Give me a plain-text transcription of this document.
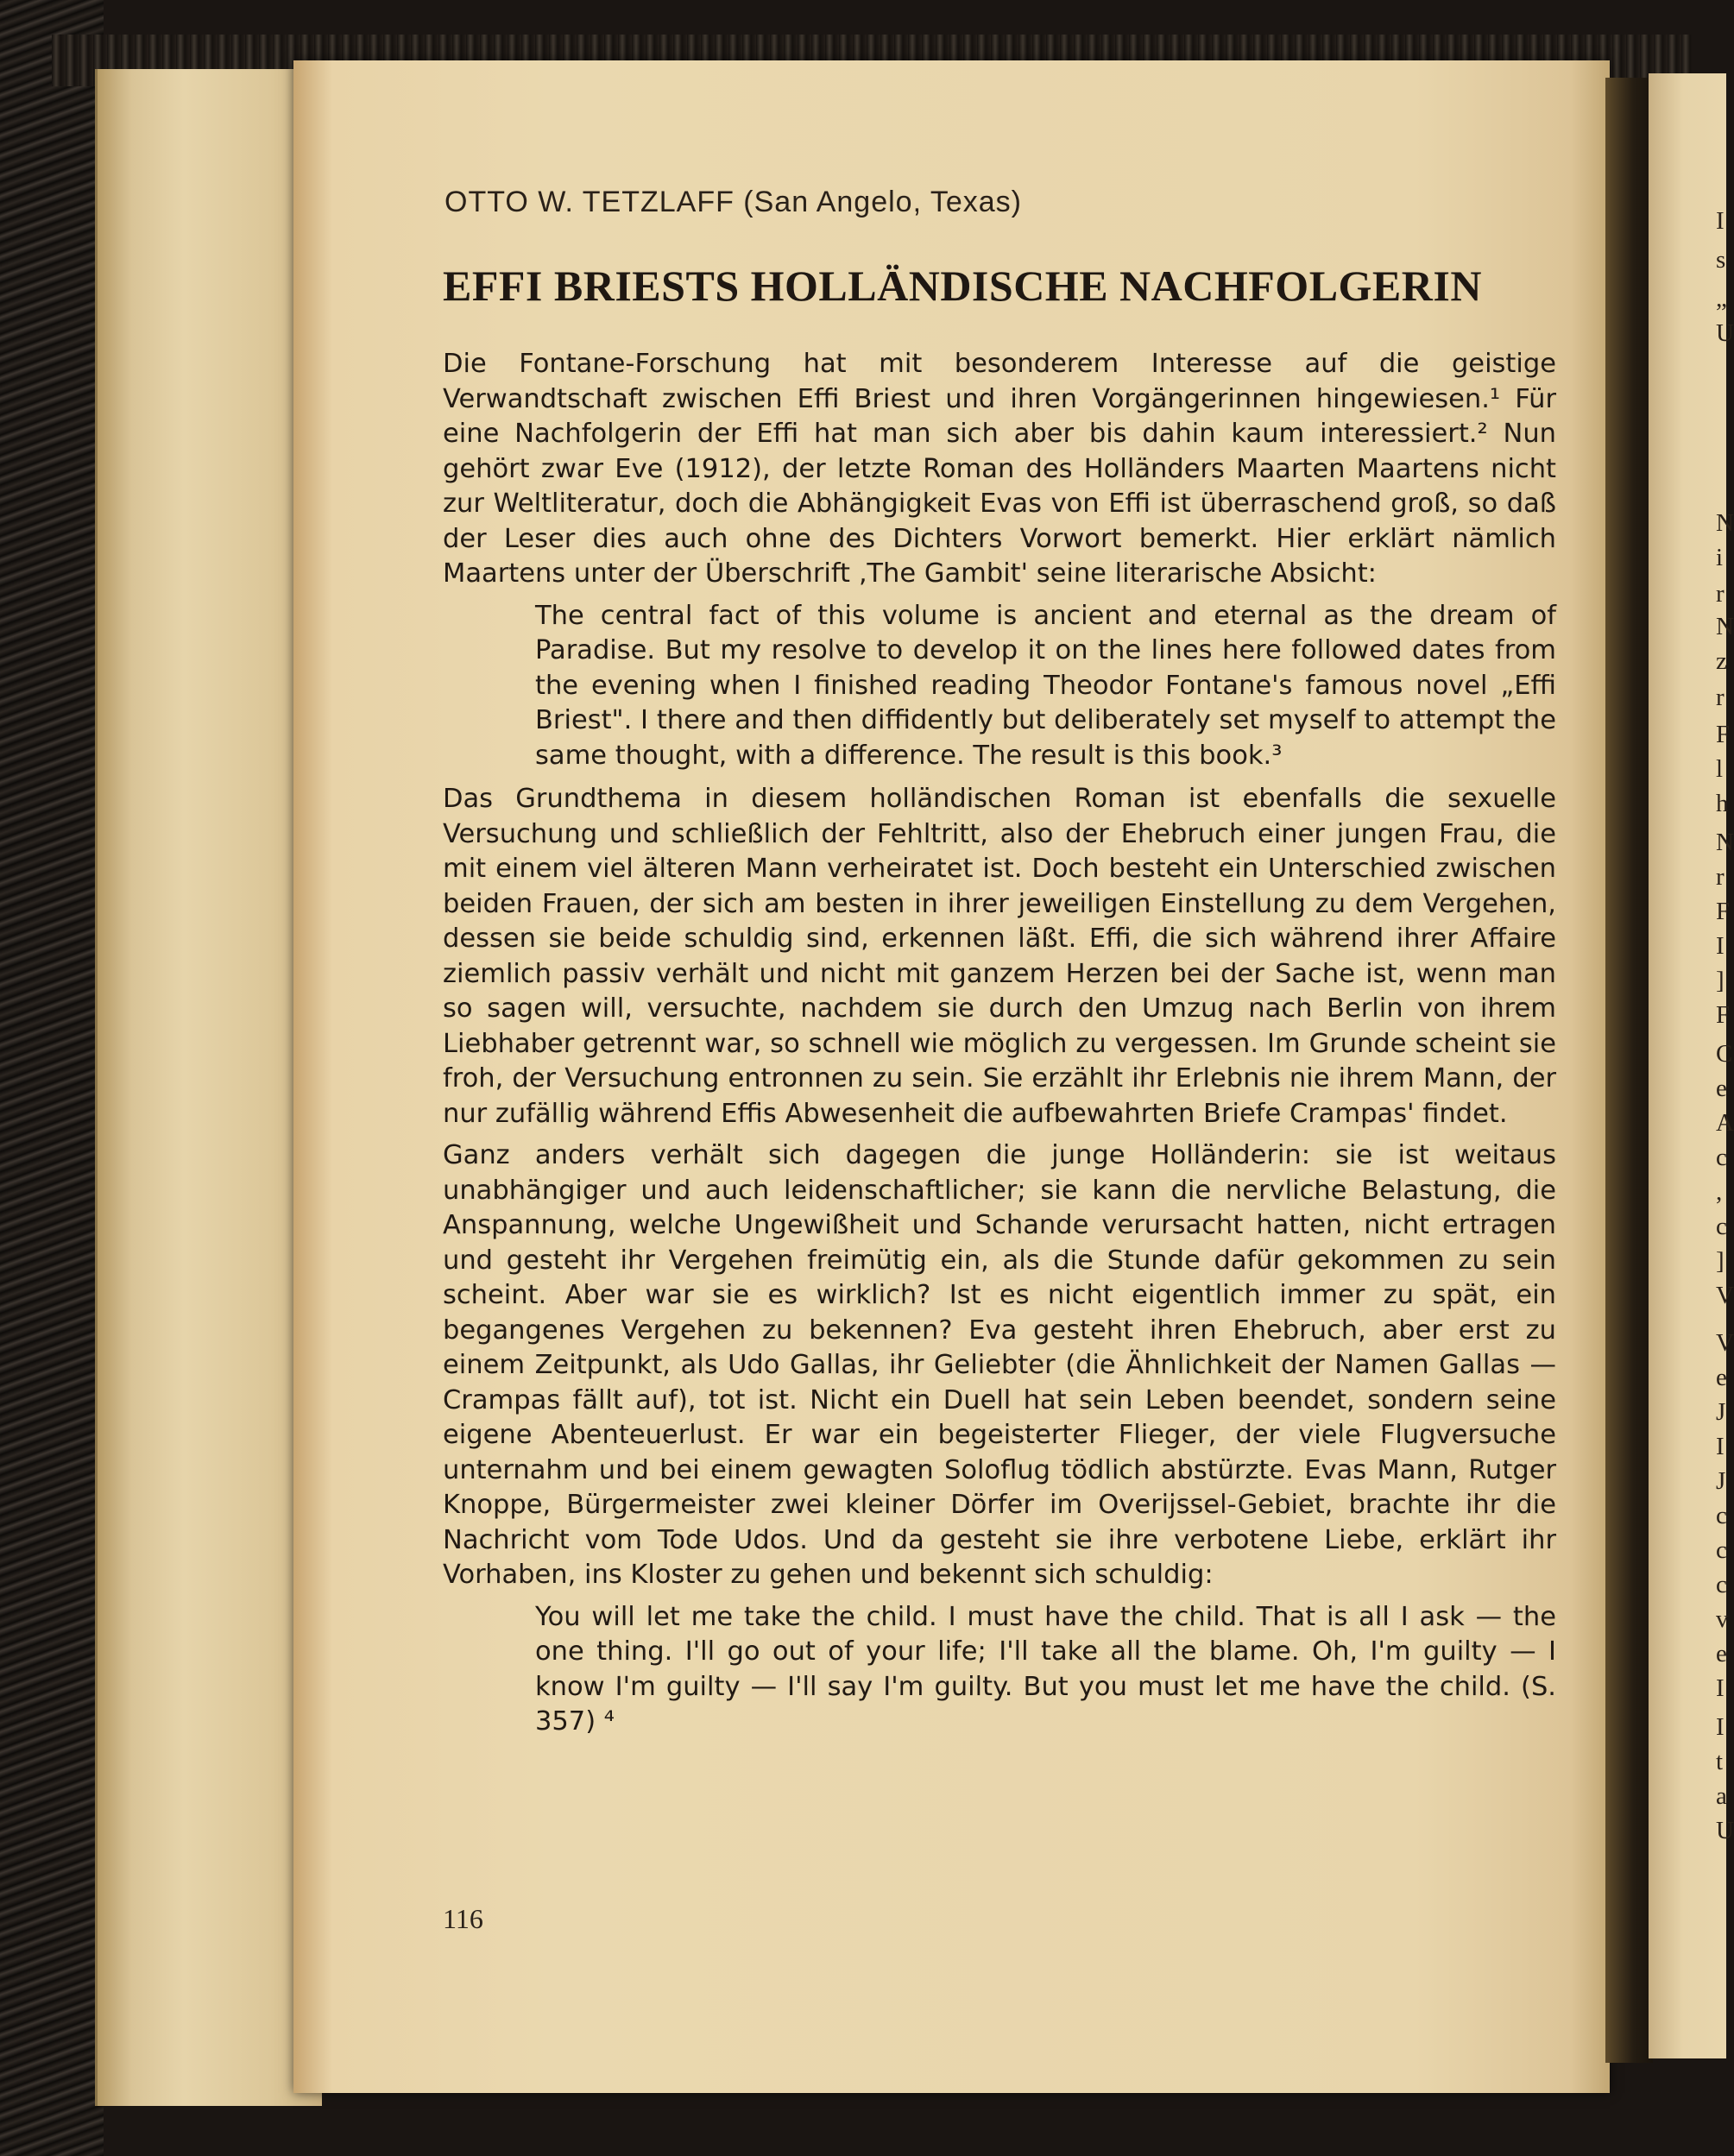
I
s
„
U
N
i
r
N
z
r
F
l
h
N
r
F
I
]
F
C
e
A
c
,
c
]
V
V
e
J
I
J
c
c
c
v
e
I
I
t
a
U
OTTO W. TETZLAFF (San Angelo, Texas)
EFFI BRIESTS HOLLÄNDISCHE NACHFOLGERIN

Die Fontane-Forschung hat mit besonderem Interesse auf die geistige Verwandtschaft zwischen Effi Briest und ihren Vorgängerinnen hingewiesen.¹ Für eine Nachfolgerin der Effi hat man sich aber bis dahin kaum interessiert.² Nun gehört zwar Eve (1912), der letzte Roman des Holländers Maarten Maartens nicht zur Weltliteratur, doch die Abhängigkeit Evas von Effi ist überraschend groß, so daß der Leser dies auch ohne des Dichters Vorwort bemerkt. Hier erklärt nämlich Maartens unter der Überschrift ‚The Gambit' seine literarische Absicht:

The central fact of this volume is ancient and eternal as the dream of Paradise. But my resolve to develop it on the lines here followed dates from the evening when I finished reading Theodor Fontane's famous novel „Effi Briest". I there and then diffidently but deliberately set myself to attempt the same thought, with a difference. The result is this book.³

Das Grundthema in diesem holländischen Roman ist ebenfalls die sexuelle Versuchung und schließlich der Fehltritt, also der Ehebruch einer jungen Frau, die mit einem viel älteren Mann verheiratet ist. Doch besteht ein Unterschied zwischen beiden Frauen, der sich am besten in ihrer jeweiligen Einstellung zu dem Vergehen, dessen sie beide schuldig sind, erkennen läßt. Effi, die sich während ihrer Affaire ziemlich passiv verhält und nicht mit ganzem Herzen bei der Sache ist, wenn man so sagen will, versuchte, nachdem sie durch den Umzug nach Berlin von ihrem Liebhaber getrennt war, so schnell wie möglich zu vergessen. Im Grunde scheint sie froh, der Versuchung entronnen zu sein. Sie erzählt ihr Erlebnis nie ihrem Mann, der nur zufällig während Effis Abwesenheit die aufbewahrten Briefe Crampas' findet.

Ganz anders verhält sich dagegen die junge Holländerin: sie ist weitaus unabhängiger und auch leidenschaftlicher; sie kann die nervliche Belastung, die Anspannung, welche Ungewißheit und Schande verursacht hatten, nicht ertragen und gesteht ihr Vergehen freimütig ein, als die Stunde dafür gekommen zu sein scheint. Aber war sie es wirklich? Ist es nicht eigentlich immer zu spät, ein begangenes Vergehen zu bekennen? Eva gesteht ihren Ehebruch, aber erst zu einem Zeitpunkt, als Udo Gallas, ihr Geliebter (die Ähnlichkeit der Namen Gallas — Crampas fällt auf), tot ist. Nicht ein Duell hat sein Leben beendet, sondern seine eigene Abenteuerlust. Er war ein begeisterter Flieger, der viele Flugversuche unternahm und bei einem gewagten Soloflug tödlich abstürzte. Evas Mann, Rutger Knoppe, Bürgermeister zwei kleiner Dörfer im Overijssel-Gebiet, brachte ihr die Nachricht vom Tode Udos. Und da gesteht sie ihre verbotene Liebe, erklärt ihr Vorhaben, ins Kloster zu gehen und bekennt sich schuldig:

You will let me take the child. I must have the child. That is all I ask — the one thing. I'll go out of your life; I'll take all the blame. Oh, I'm guilty — I know I'm guilty — I'll say I'm guilty. But you must let me have the child. (S. 357) ⁴

116
